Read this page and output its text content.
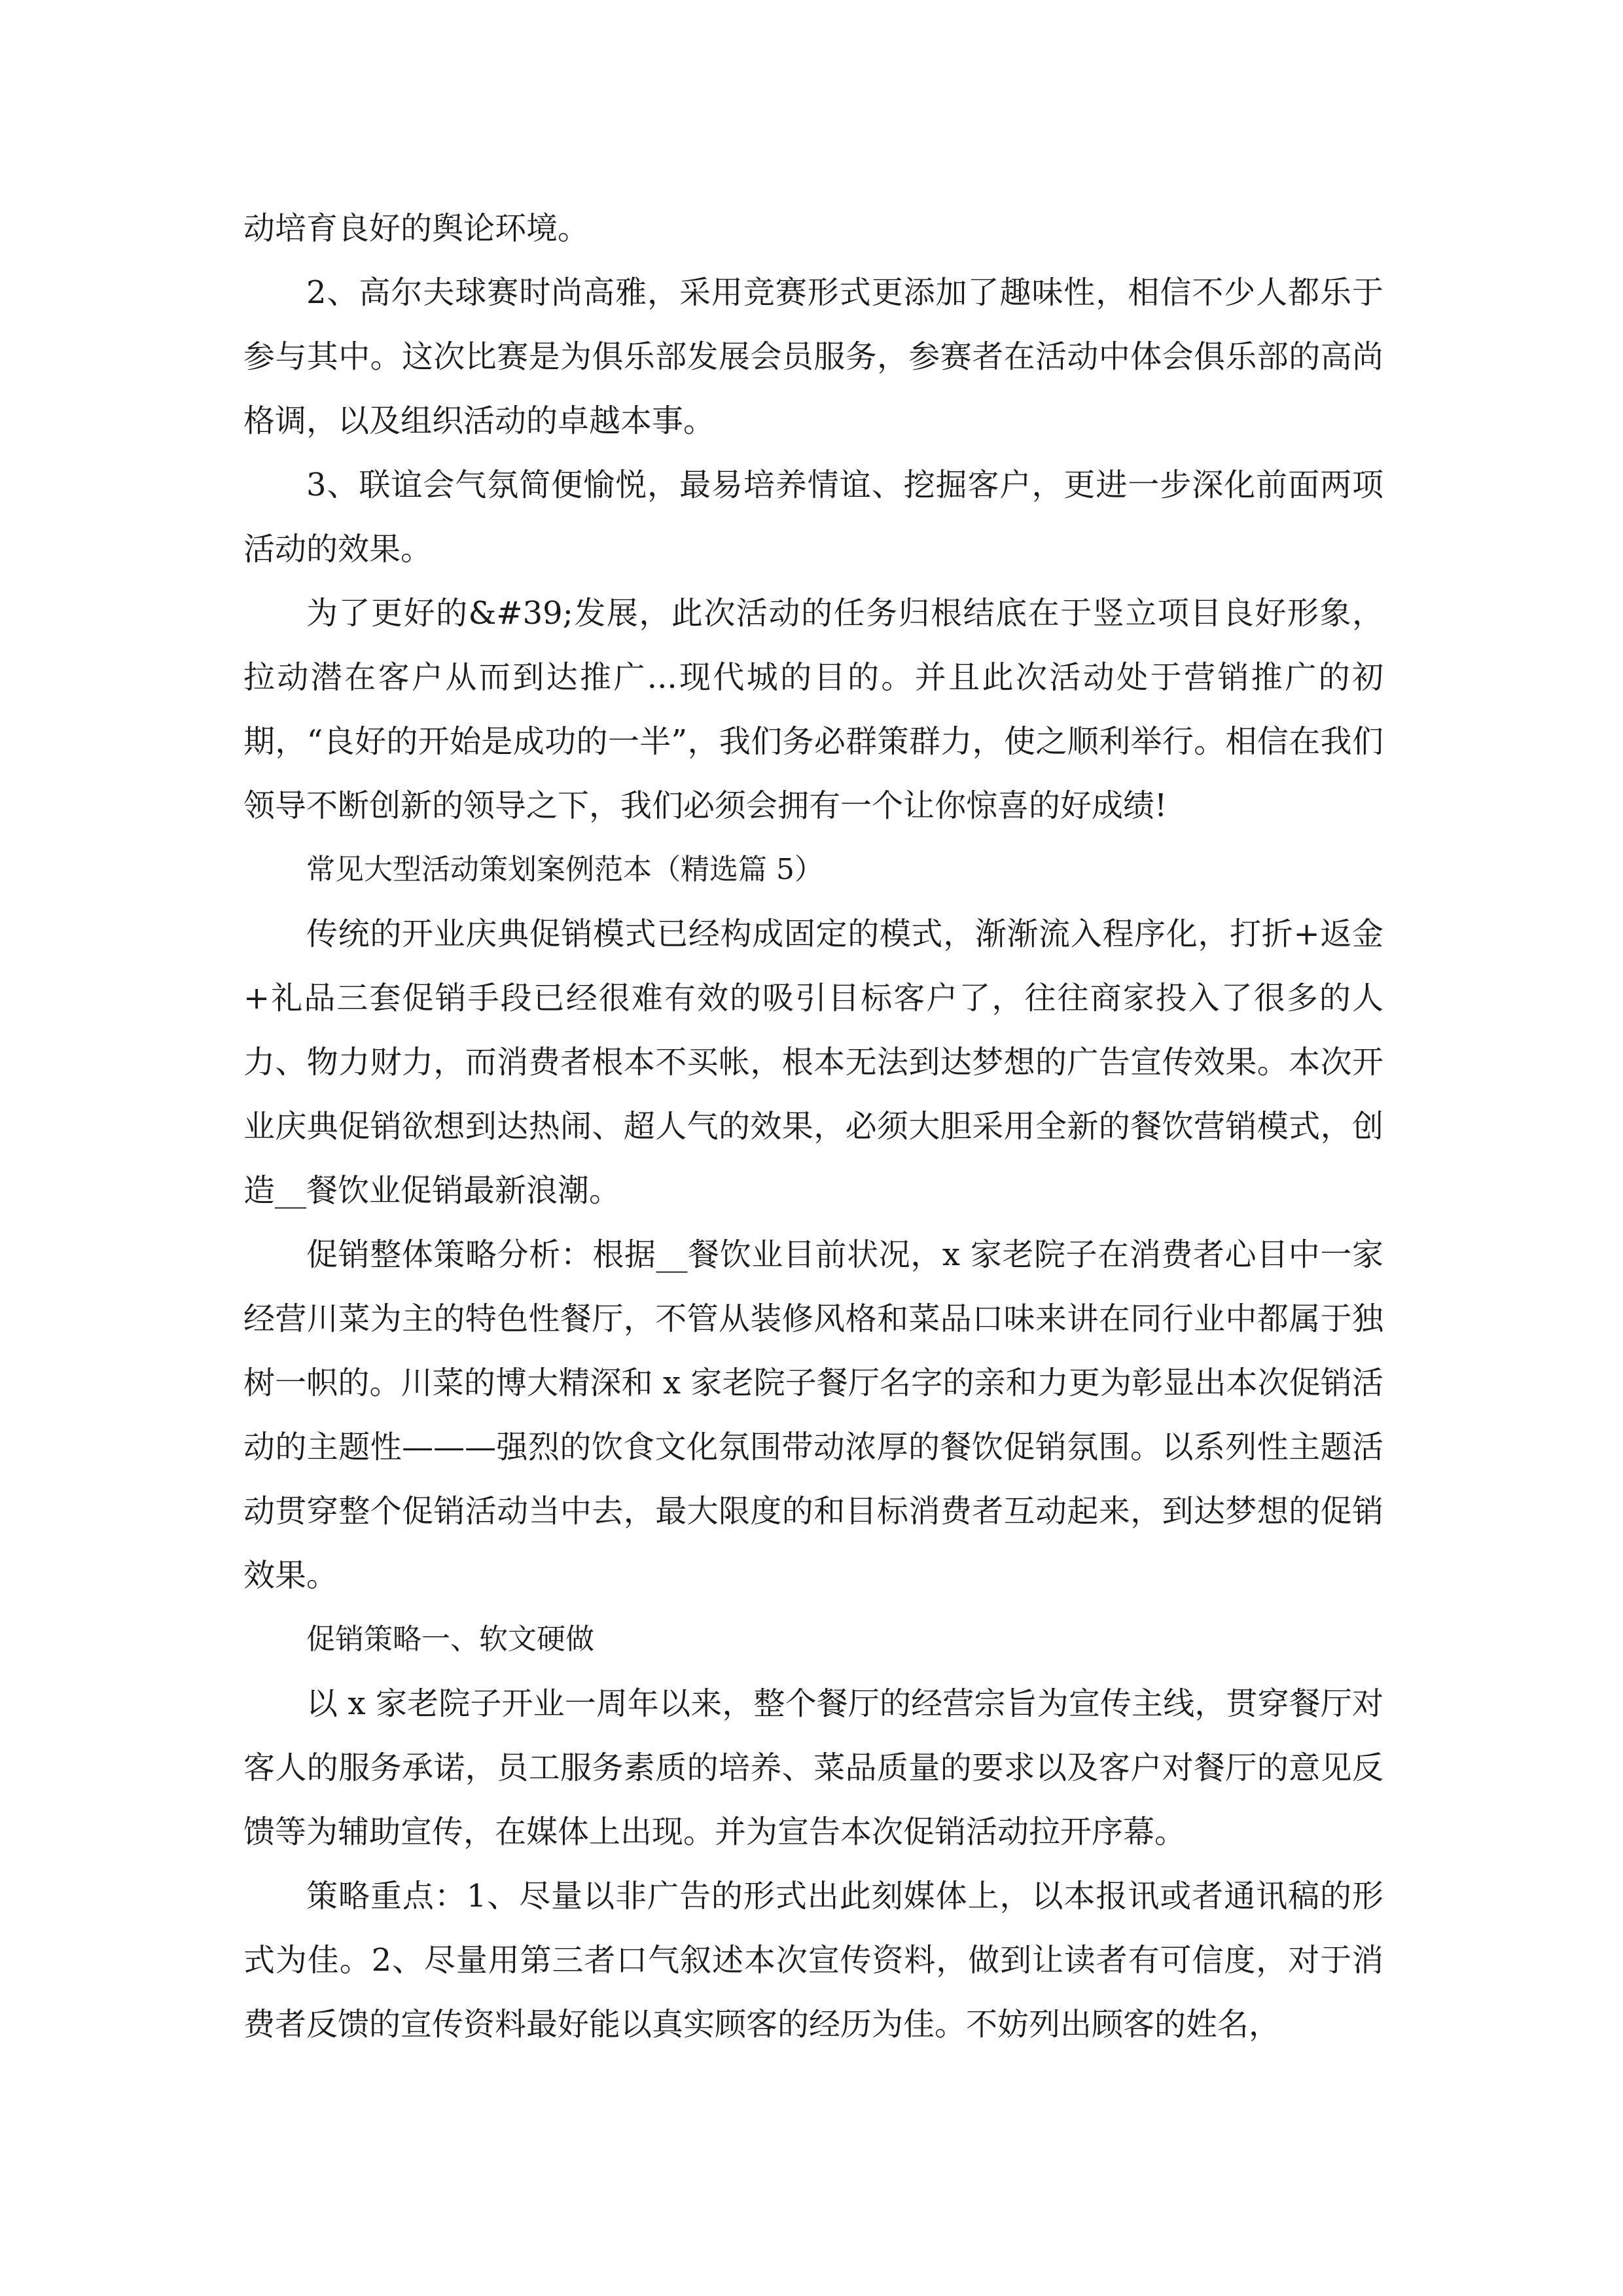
动培育良好的舆论环境。

2、高尔夫球赛时尚高雅，采用竞赛形式更添加了趣味性，相信不少人都乐于参与其中。这次比赛是为俱乐部发展会员服务，参赛者在活动中体会俱乐部的高尚格调，以及组织活动的卓越本事。

3、联谊会气氛简便愉悦，最易培养情谊、挖掘客户，更进一步深化前面两项活动的效果。

为了更好的&#39;发展，此次活动的任务归根结底在于竖立项目良好形象，拉动潜在客户从而到达推广...现代城的目的。并且此次活动处于营销推广的初期，“良好的开始是成功的一半”，我们务必群策群力，使之顺利举行。相信在我们领导不断创新的领导之下，我们必须会拥有一个让你惊喜的好成绩!

常见大型活动策划案例范本（精选篇 5）

传统的开业庆典促销模式已经构成固定的模式，渐渐流入程序化，打折+返金+礼品三套促销手段已经很难有效的吸引目标客户了，往往商家投入了很多的人力、物力财力，而消费者根本不买帐，根本无法到达梦想的广告宣传效果。本次开业庆典促销欲想到达热闹、超人气的效果，必须大胆采用全新的餐饮营销模式，创造__餐饮业促销最新浪潮。

促销整体策略分析：根据__餐饮业目前状况，x 家老院子在消费者心目中一家经营川菜为主的特色性餐厅，不管从装修风格和菜品口味来讲在同行业中都属于独树一帜的。川菜的博大精深和 x 家老院子餐厅名字的亲和力更为彰显出本次促销活动的主题性———强烈的饮食文化氛围带动浓厚的餐饮促销氛围。以系列性主题活动贯穿整个促销活动当中去，最大限度的和目标消费者互动起来，到达梦想的促销效果。

促销策略一、软文硬做

以 x 家老院子开业一周年以来，整个餐厅的经营宗旨为宣传主线，贯穿餐厅对客人的服务承诺，员工服务素质的培养、菜品质量的要求以及客户对餐厅的意见反馈等为辅助宣传，在媒体上出现。并为宣告本次促销活动拉开序幕。

策略重点：1、尽量以非广告的形式出此刻媒体上，以本报讯或者通讯稿的形式为佳。2、尽量用第三者口气叙述本次宣传资料，做到让读者有可信度，对于消费者反馈的宣传资料最好能以真实顾客的经历为佳。不妨列出顾客的姓名，
